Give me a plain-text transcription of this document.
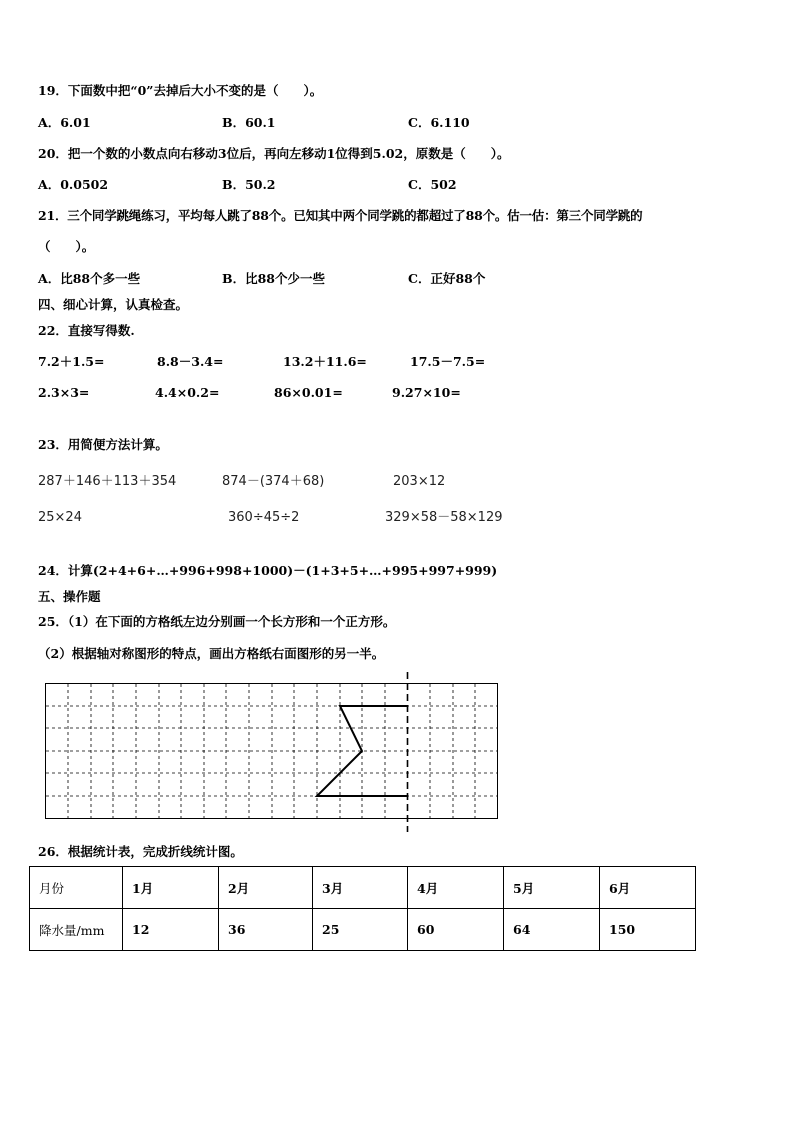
19．下面数中把“0”去掉后大小不变的是（　　）。
A．6.01	B．60.1	C．6.110
20．把一个数的小数点向右移动3位后，再向左移动1位得到5.02，原数是（　　）。
A．0.0502	B．50.2	C．502
21．三个同学跳绳练习，平均每人跳了88个。已知其中两个同学跳的都超过了88个。估一估：第三个同学跳的
（　　）。
A．比88个多一些	B．比88个少一些	C．正好88个
四、细心计算，认真检查。
22．直接写得数.
7.2＋1.5=	8.8－3.4=	13.2＋11.6=	17.5－7.5=
2.3×3=	4.4×0.2=	86×0.01=	9.27×10=
23．用简便方法计算。
287＋146＋113＋354	874－(374＋68)	203×12
25×24	360÷45÷2	329×58－58×129
24．计算(2+4+6+…+996+998+1000)－(1+3+5+…+995+997+999)
五、操作题
25．（1）在下面的方格纸左边分别画一个长方形和一个正方形。
（2）根据轴对称图形的特点，画出方格纸右面图形的另一半。
26．根据统计表，完成折线统计图。
月份	1月	2月	3月	4月	5月	6月
降水量/mm	12	36	25	60	64	150
